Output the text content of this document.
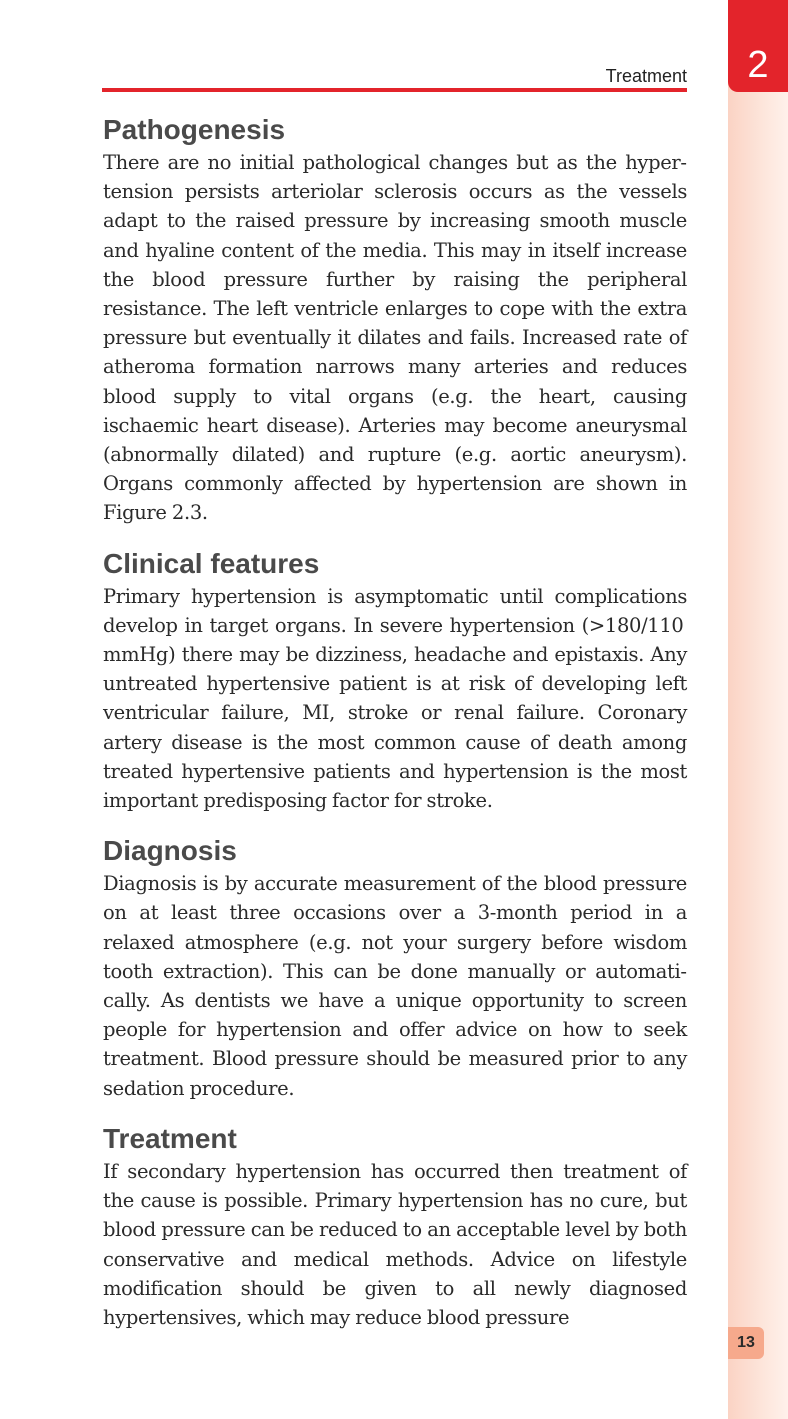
2
Treatment
Pathogenesis

There are no initial pathological changes but as the hypertension persists arteriolar sclerosis occurs as the vessels adapt to the raised pressure by increasing smooth muscle and hyaline content of the media. This may in itself increase the blood pressure further by raising the peripheral resistance. The left ventricle enlarges to cope with the extra pressure but eventually it dilates and fails. Increased rate of atheroma formation narrows many arteries and reduces blood supply to vital organs (e.g. the heart, causing ischaemic heart disease). Arteries may become aneurysmal (abnormally dilated) and rupture (e.g. aortic aneurysm). Organs commonly affected by hypertension are shown in Figure 2.3.

Clinical features

Primary hypertension is asymptomatic until complications develop in target organs. In severe hypertension (>180/110 mmHg) there may be dizziness, headache and epistaxis. Any untreated hypertensive patient is at risk of developing left ventricular failure, MI, stroke or renal failure. Coronary artery disease is the most common cause of death among treated hypertensive patients and hypertension is the most important predisposing factor for stroke.

Diagnosis

Diagnosis is by accurate measurement of the blood pressure on at least three occasions over a 3-month period in a relaxed atmosphere (e.g. not your surgery before wisdom tooth extraction). This can be done manually or automatically. As dentists we have a unique opportunity to screen people for hypertension and offer advice on how to seek treatment. Blood pressure should be measured prior to any sedation procedure.

Treatment

If secondary hypertension has occurred then treatment of the cause is possible. Primary hypertension has no cure, but blood pressure can be reduced to an acceptable level by both conservative and medical methods. Advice on lifestyle modification should be given to all newly diagnosed hypertensives, which may reduce blood pressure

13
